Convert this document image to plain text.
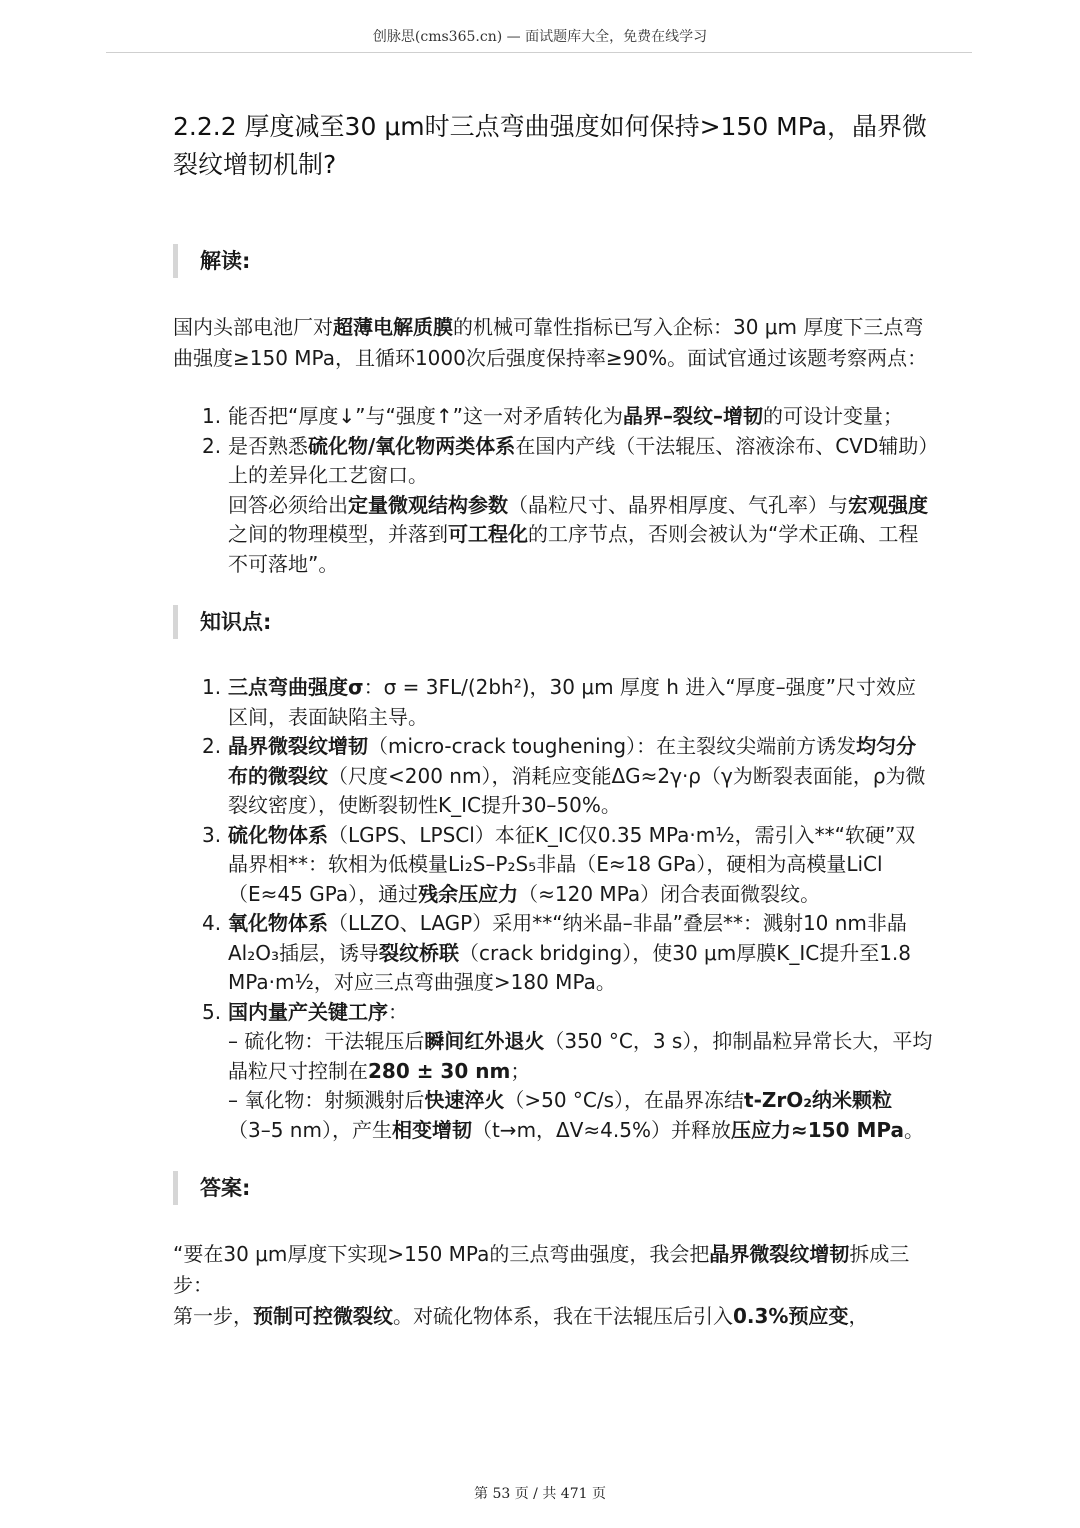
创脉思(cms365.cn) — 面试题库大全，免费在线学习
2.2.2 厚度减至30 μm时三点弯曲强度如何保持>150 MPa，晶界微裂纹增韧机制?
解读:

国内头部电池厂对超薄电解质膜的机械可靠性指标已写入企标：30 μm 厚度下三点弯曲强度≥150 MPa，且循环1000次后强度保持率≥90%。面试官通过该题考察两点：

1. 能否把“厚度↓”与“强度↑”这一对矛盾转化为晶界–裂纹–增韧的可设计变量；
2. 是否熟悉硫化物/氧化物两类体系在国内产线（干法辊压、溶液涂布、CVD辅助）上的差异化工艺窗口。
回答必须给出定量微观结构参数（晶粒尺寸、晶界相厚度、气孔率）与宏观强度之间的物理模型，并落到可工程化的工序节点，否则会被认为“学术正确、工程不可落地”。
知识点:
1. 三点弯曲强度σ：σ = 3FL/(2bh²)，30 μm 厚度 h 进入“厚度–强度”尺寸效应区间，表面缺陷主导。
2. 晶界微裂纹增韧（micro-crack toughening）：在主裂纹尖端前方诱发均匀分布的微裂纹（尺度<200 nm），消耗应变能ΔG≈2γ·ρ（γ为断裂表面能，ρ为微裂纹密度），使断裂韧性K_IC提升30–50%。
3. 硫化物体系（LGPS、LPSCl）本征K_IC仅0.35 MPa·m½，需引入**“软硬”双晶界相**：软相为低模量Li₂S–P₂S₅非晶（E≈18 GPa），硬相为高模量LiCl（E≈45 GPa），通过残余压应力（≈120 MPa）闭合表面微裂纹。
4. 氧化物体系（LLZO、LAGP）采用**“纳米晶–非晶”叠层**：溅射10 nm非晶Al₂O₃插层，诱导裂纹桥联（crack bridging），使30 μm厚膜K_IC提升至1.8 MPa·m½，对应三点弯曲强度>180 MPa。
5. 国内量产关键工序：
– 硫化物：干法辊压后瞬间红外退火（350 °C，3 s），抑制晶粒异常长大，平均晶粒尺寸控制在280 ± 30 nm；
– 氧化物：射频溅射后快速淬火（>50 °C/s），在晶界冻结t-ZrO₂纳米颗粒（3–5 nm），产生相变增韧（t→m，ΔV≈4.5%）并释放压应力≈150 MPa。
答案:

“要在30 μm厚度下实现>150 MPa的三点弯曲强度，我会把晶界微裂纹增韧拆成三步：

第一步，预制可控微裂纹。对硫化物体系，我在干法辊压后引入0.3%预应变，

第 53 页 / 共 471 页
